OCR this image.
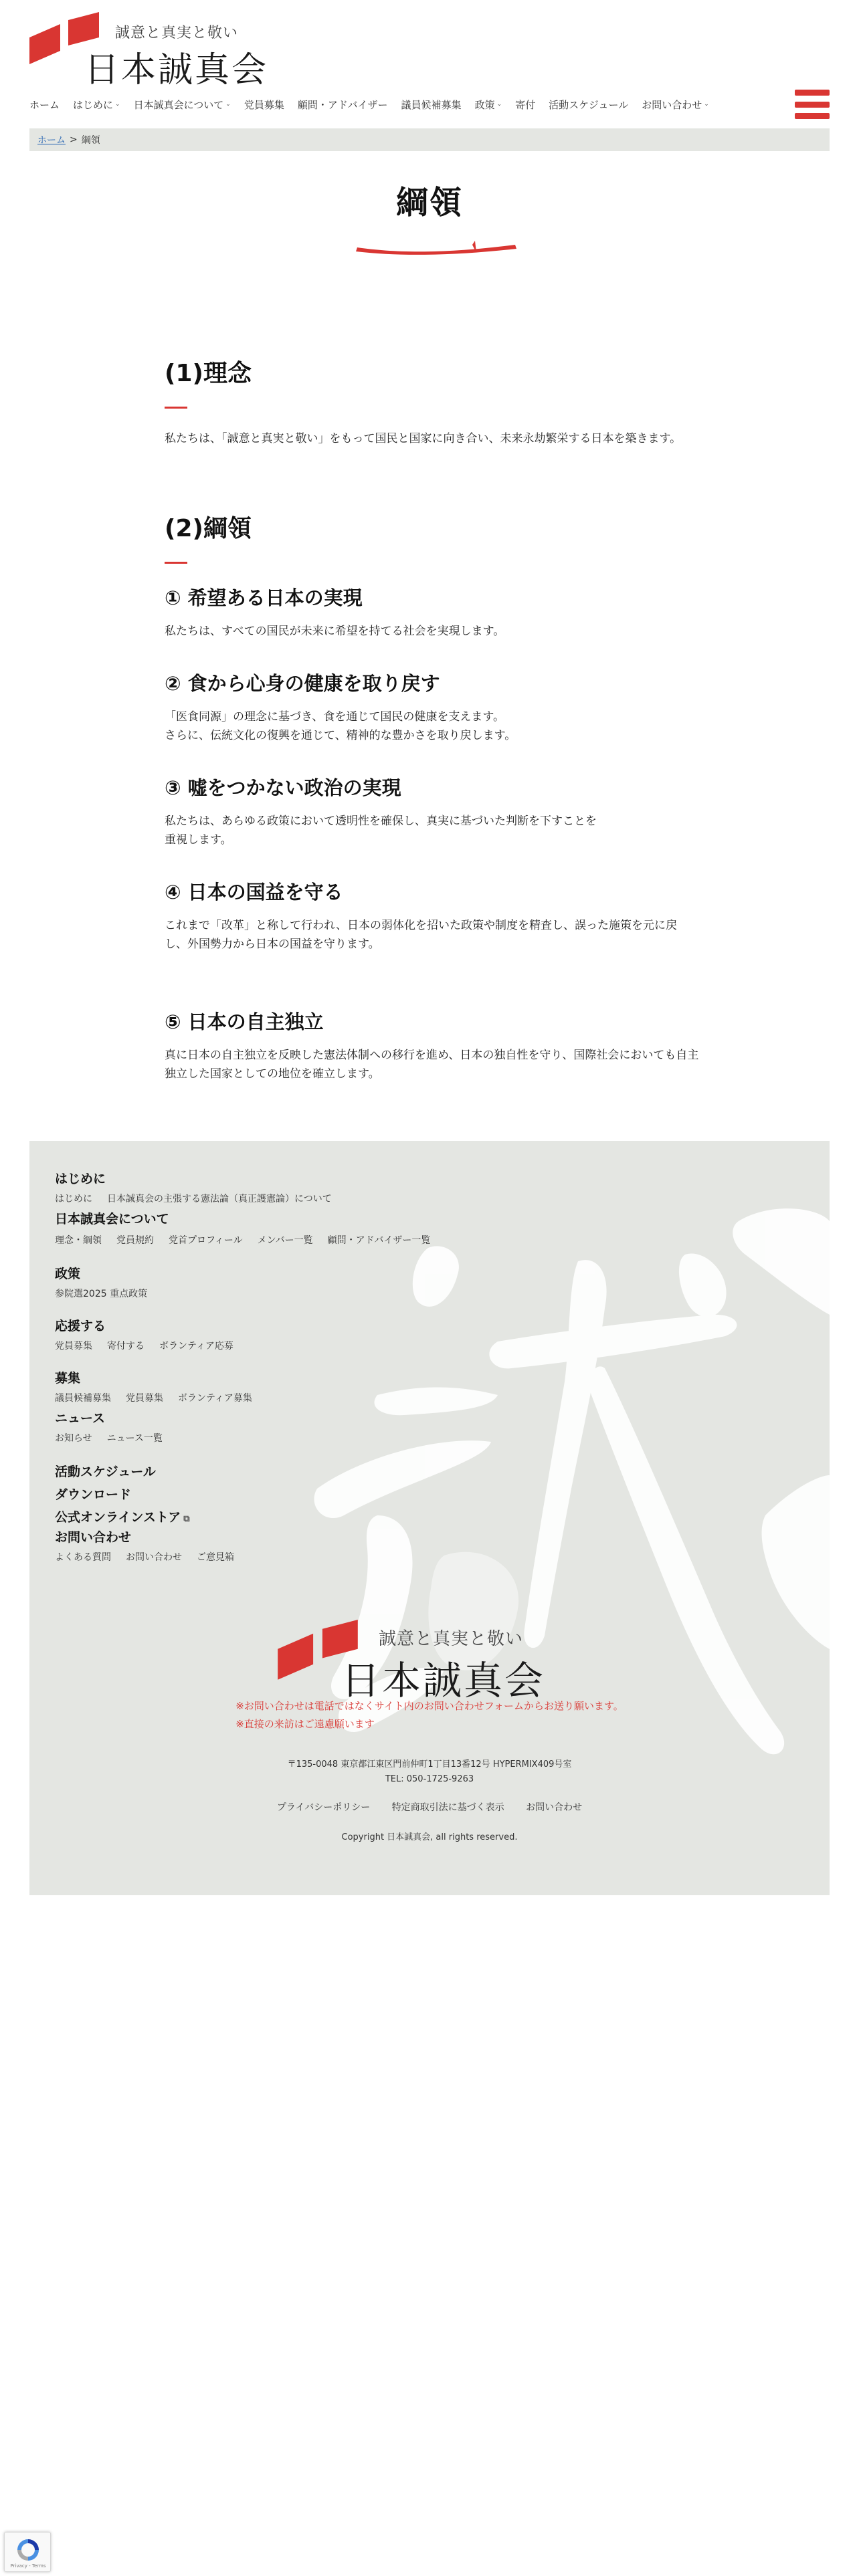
誠意と真実と敬い
日本誠真会
ホーム はじめに ⌄ 日本誠真会について ⌄ 党員募集 顧問・アドバイザー 議員候補募集 政策 ⌄ 寄付 活動スケジュール お問い合わせ ⌄
ホーム > 綱領
綱領
(1)理念
私たちは、「誠意と真実と敬い」をもって国民と国家に向き合い、未来永劫繁栄する日本を築きます。
(2)綱領
① 希望ある日本の実現
私たちは、すべての国民が未来に希望を持てる社会を実現します。
② 食から心身の健康を取り戻す
「医食同源」の理念に基づき、食を通じて国民の健康を支えます。
さらに、伝統文化の復興を通じて、精神的な豊かさを取り戻します。
③ 嘘をつかない政治の実現
私たちは、あらゆる政策において透明性を確保し、真実に基づいた判断を下すことを重視します。
④ 日本の国益を守る
これまで「改革」と称して行われ、日本の弱体化を招いた政策や制度を精査し、誤った施策を元に戻し、外国勢力から日本の国益を守ります。
⑤ 日本の自主独立
真に日本の自主独立を反映した憲法体制への移行を進め、日本の独自性を守り、国際社会においても自主独立した国家としての地位を確立します。
はじめに
はじめに 日本誠真会の主張する憲法論（真正護憲論）について
日本誠真会について
理念・綱領 党員規約 党首プロフィール メンバー一覧 顧問・アドバイザー一覧
政策
参院選2025 重点政策
応援する
党員募集 寄付する ボランティア応募
募集
議員候補募集 党員募集 ボランティア募集
ニュース
お知らせ ニュース一覧
活動スケジュール
ダウンロード
公式オンラインストア ⧉
お問い合わせ
よくある質問 お問い合わせ ご意見箱
誠意と真実と敬い
日本誠真会
※お問い合わせは電話ではなくサイト内のお問い合わせフォームからお送り願います。
※直接の来訪はご遠慮願います
〒135-0048 東京都江東区門前仲町1丁目13番12号 HYPERMIX409号室
TEL: 050-1725-9263
プライバシーポリシー 特定商取引法に基づく表示 お問い合わせ
Copyright 日本誠真会, all rights reserved.
Privacy - Terms
